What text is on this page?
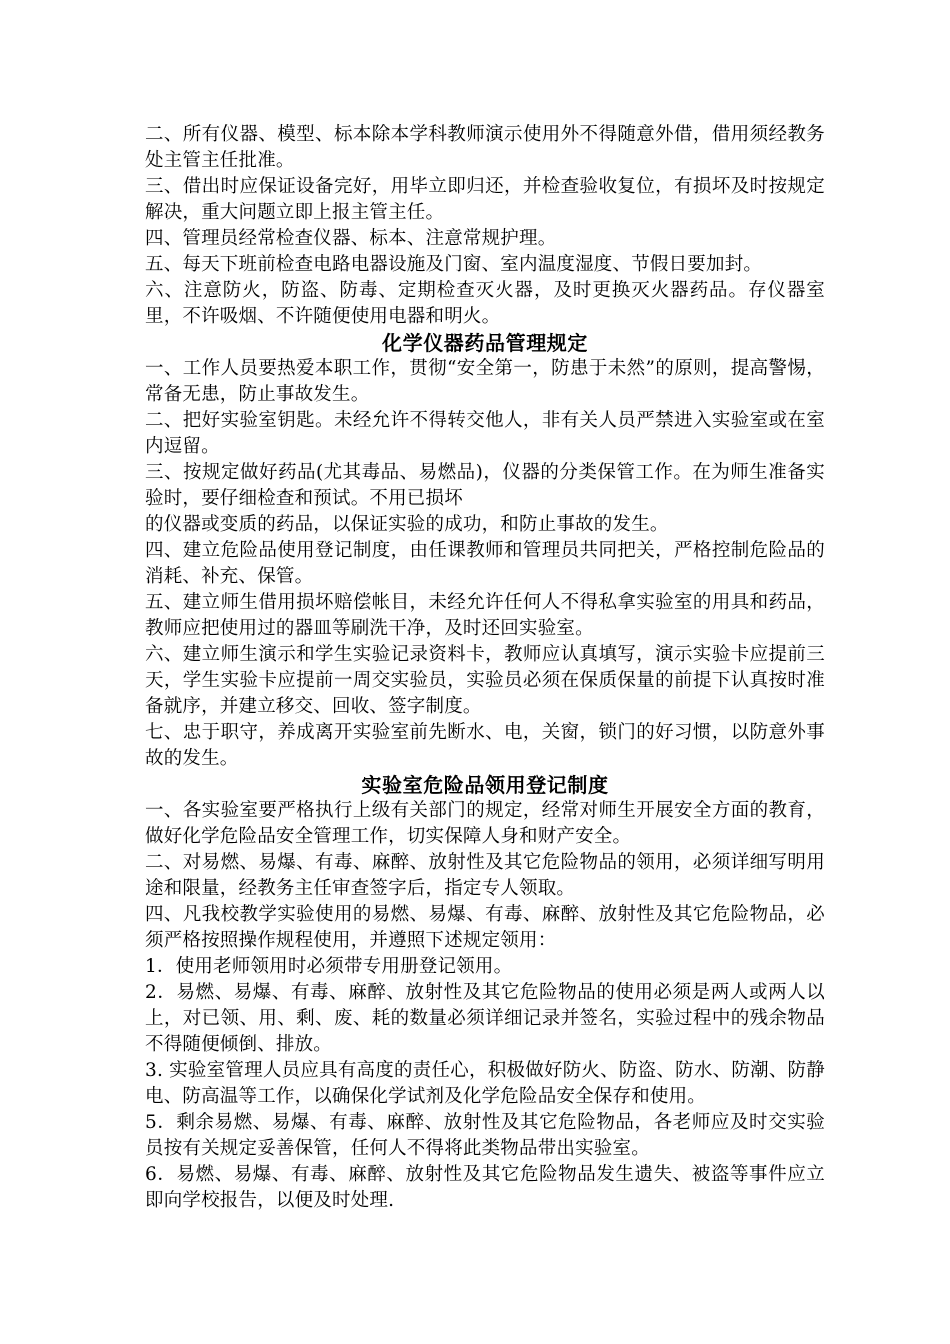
二、所有仪器、模型、标本除本学科教师演示使用外不得随意外借，借用须经教务处主管主任批准。

三、借出时应保证设备完好，用毕立即归还，并检查验收复位，有损坏及时按规定解决，重大问题立即上报主管主任。

四、管理员经常检查仪器、标本、注意常规护理。

五、每天下班前检查电路电器设施及门窗、室内温度湿度、节假日要加封。

六、注意防火，防盗、防毒、定期检查灭火器，及时更换灭火器药品。存仪器室里，不许吸烟、不许随便使用电器和明火。

化学仪器药品管理规定

一、工作人员要热爱本职工作，贯彻“安全第一，防患于未然”的原则，提高警惕，常备无患，防止事故发生。

二、把好实验室钥匙。未经允许不得转交他人，非有关人员严禁进入实验室或在室内逗留。

三、按规定做好药品(尤其毒品、易燃品)，仪器的分类保管工作。在为师生准备实验时，要仔细检查和预试。不用已损坏

的仪器或变质的药品，以保证实验的成功，和防止事故的发生。

四、建立危险品使用登记制度，由任课教师和管理员共同把关，严格控制危险品的消耗、补充、保管。

五、建立师生借用损坏赔偿帐目，未经允许任何人不得私拿实验室的用具和药品，教师应把使用过的器皿等刷洗干净，及时还回实验室。

六、建立师生演示和学生实验记录资料卡，教师应认真填写，演示实验卡应提前三天，学生实验卡应提前一周交实验员，实验员必须在保质保量的前提下认真按时准备就序，并建立移交、回收、签字制度。

七、忠于职守，养成离开实验室前先断水、电，关窗，锁门的好习惯，以防意外事故的发生。

实验室危险品领用登记制度

一、各实验室要严格执行上级有关部门的规定，经常对师生开展安全方面的教育，做好化学危险品安全管理工作，切实保障人身和财产安全。

二、对易燃、易爆、有毒、麻醉、放射性及其它危险物品的领用，必须详细写明用途和限量，经教务主任审查签字后，指定专人领取。

四、凡我校教学实验使用的易燃、易爆、有毒、麻醉、放射性及其它危险物品，必须严格按照操作规程使用，并遵照下述规定领用：

1．使用老师领用时必须带专用册登记领用。

2．易燃、易爆、有毒、麻醉、放射性及其它危险物品的使用必须是两人或两人以上，对已领、用、剩、废、耗的数量必须详细记录并签名，实验过程中的残余物品不得随便倾倒、排放。

3. 实验室管理人员应具有高度的责任心，积极做好防火、防盗、防水、防潮、防静电、防高温等工作，以确保化学试剂及化学危险品安全保存和使用。

5．剩余易燃、易爆、有毒、麻醉、放射性及其它危险物品，各老师应及时交实验员按有关规定妥善保管，任何人不得将此类物品带出实验室。

6．易燃、易爆、有毒、麻醉、放射性及其它危险物品发生遗失、被盗等事件应立即向学校报告，以便及时处理.
